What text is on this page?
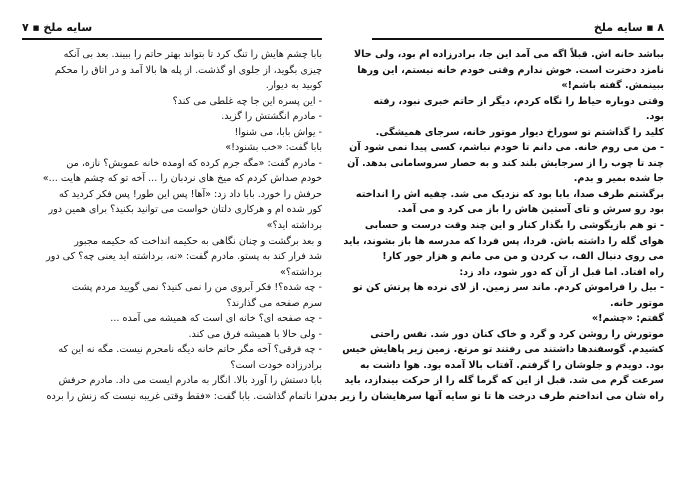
۷ ■ سایه ملخ
بابا چشم هایش را تنگ کرد تا بتواند بهتر حاتم را ببیند. بعد بی آنکه
چیزی بگوید، از جلوی او گذشت. از پله ها بالا آمد و در اتاق را محکم
کوبید به دیوار.
- این پسره این جا چه غلطی می کند؟
- مادرم انگشتش را گزید.
- یواش بابا، می شنوا!
بابا گفت: «خب بشنود!»
- مادرم گفت: «مگه جرم کرده که اومده خانه عمویش؟ نازه، من
خودم صداش کردم که میخ های نردبان را ... آخه تو که چشم هایت ...»
حرفش را خورد. بابا داد زد: «آها! پس این طور! پس فکر کردید که
کور شده ام و هرکاری دلتان خواست می توانید بکنید؟ برای همین دور
برداشته اید؟»
و بعد برگشت و چنان نگاهی به حکیمه انداخت که حکیمه مجبور
شد فرار کند به پستو. مادرم گفت: «نه، برداشته اید یعنی چه؟ کی دور
برداشته؟»
- چه شده؟! فکر آبروی من را نمی کنید؟ نمی گویید مردم پشت
سرم صفحه می گذارند؟
- چه صفحه ای؟ خانه ای است که همیشه می آمده ...
- ولی حالا با همیشه فرق می کند.
- چه فرقی؟ آخه مگر حاتم خانه دیگه نامحرم نیست. مگه نه این که
برادرزاده خودت است؟
بابا دستش را آورد بالا. انگار به مادرم ایست می داد. مادرم حرفش
را ناتمام گذاشت. بابا گفت: «فقط وقتی غریبه نیست که زنش را برده
۸
■
سایه ملخ
بباشد خانه اش. قبلاً اگه می آمد این جا، برادرزاده ام بود، ولی حالا
نامزد دخترت است. خوش ندارم وقتی خودم خانه نیستم، این ورها
ببینمش. گفته باشم!»
وقتی دوباره حیاط را نگاه کردم، دیگر از حاتم خبری نبود، رفته
بود.
کلید را گذاشتم تو سوراخ دیوار موتور خانه، سرجای همیشگی.
- من می روم خانه. می دانم تا خودم نباشم، کسی پیدا نمی شود آن
چند تا چوب را از سرجایش بلند کند و به حصار سروسامانی بدهد. آن
جا شده بمیر و بدم.
برگشتم طرف صدا، بابا بود که نزدیک می شد. چفیه اش را انداخته
بود رو سرش و تای آستین هاش را باز می کرد و می آمد.
- تو هم بازیگوشی را بگذار کنار و این چند وقت درست و حسابی
هوای گله را داشته باش. فردا، پس فردا که مدرسه ها باز بشوند، باید
می روی دنبال الف، ب کردن و من می مانم و هزار جور کار!
راه افتاد. اما قبل از آن که دور شود، داد زد:
- بیل را فراموش کردم. ماند سر زمین. از لای نرده ها پرتش کن تو
موتور خانه.
گفتم: «چشم!»
موتورش را روشن کرد و گرد و خاک کنان دور شد. نفس راحتی
کشیدم. گوسفندها داشتند می رفتند تو مرتع. زمین زیر پاهایش خیس
بود. دویدم و جلوشان را گرفتم. آفتاب بالا آمده بود. هوا داشت به
سرعت گرم می شد. قبل از این که گرما گله را از حرکت بیندازد، باید
راه شان می انداختم طرف درخت ها تا تو سایه آنها سرهایشان را زیر بدن
